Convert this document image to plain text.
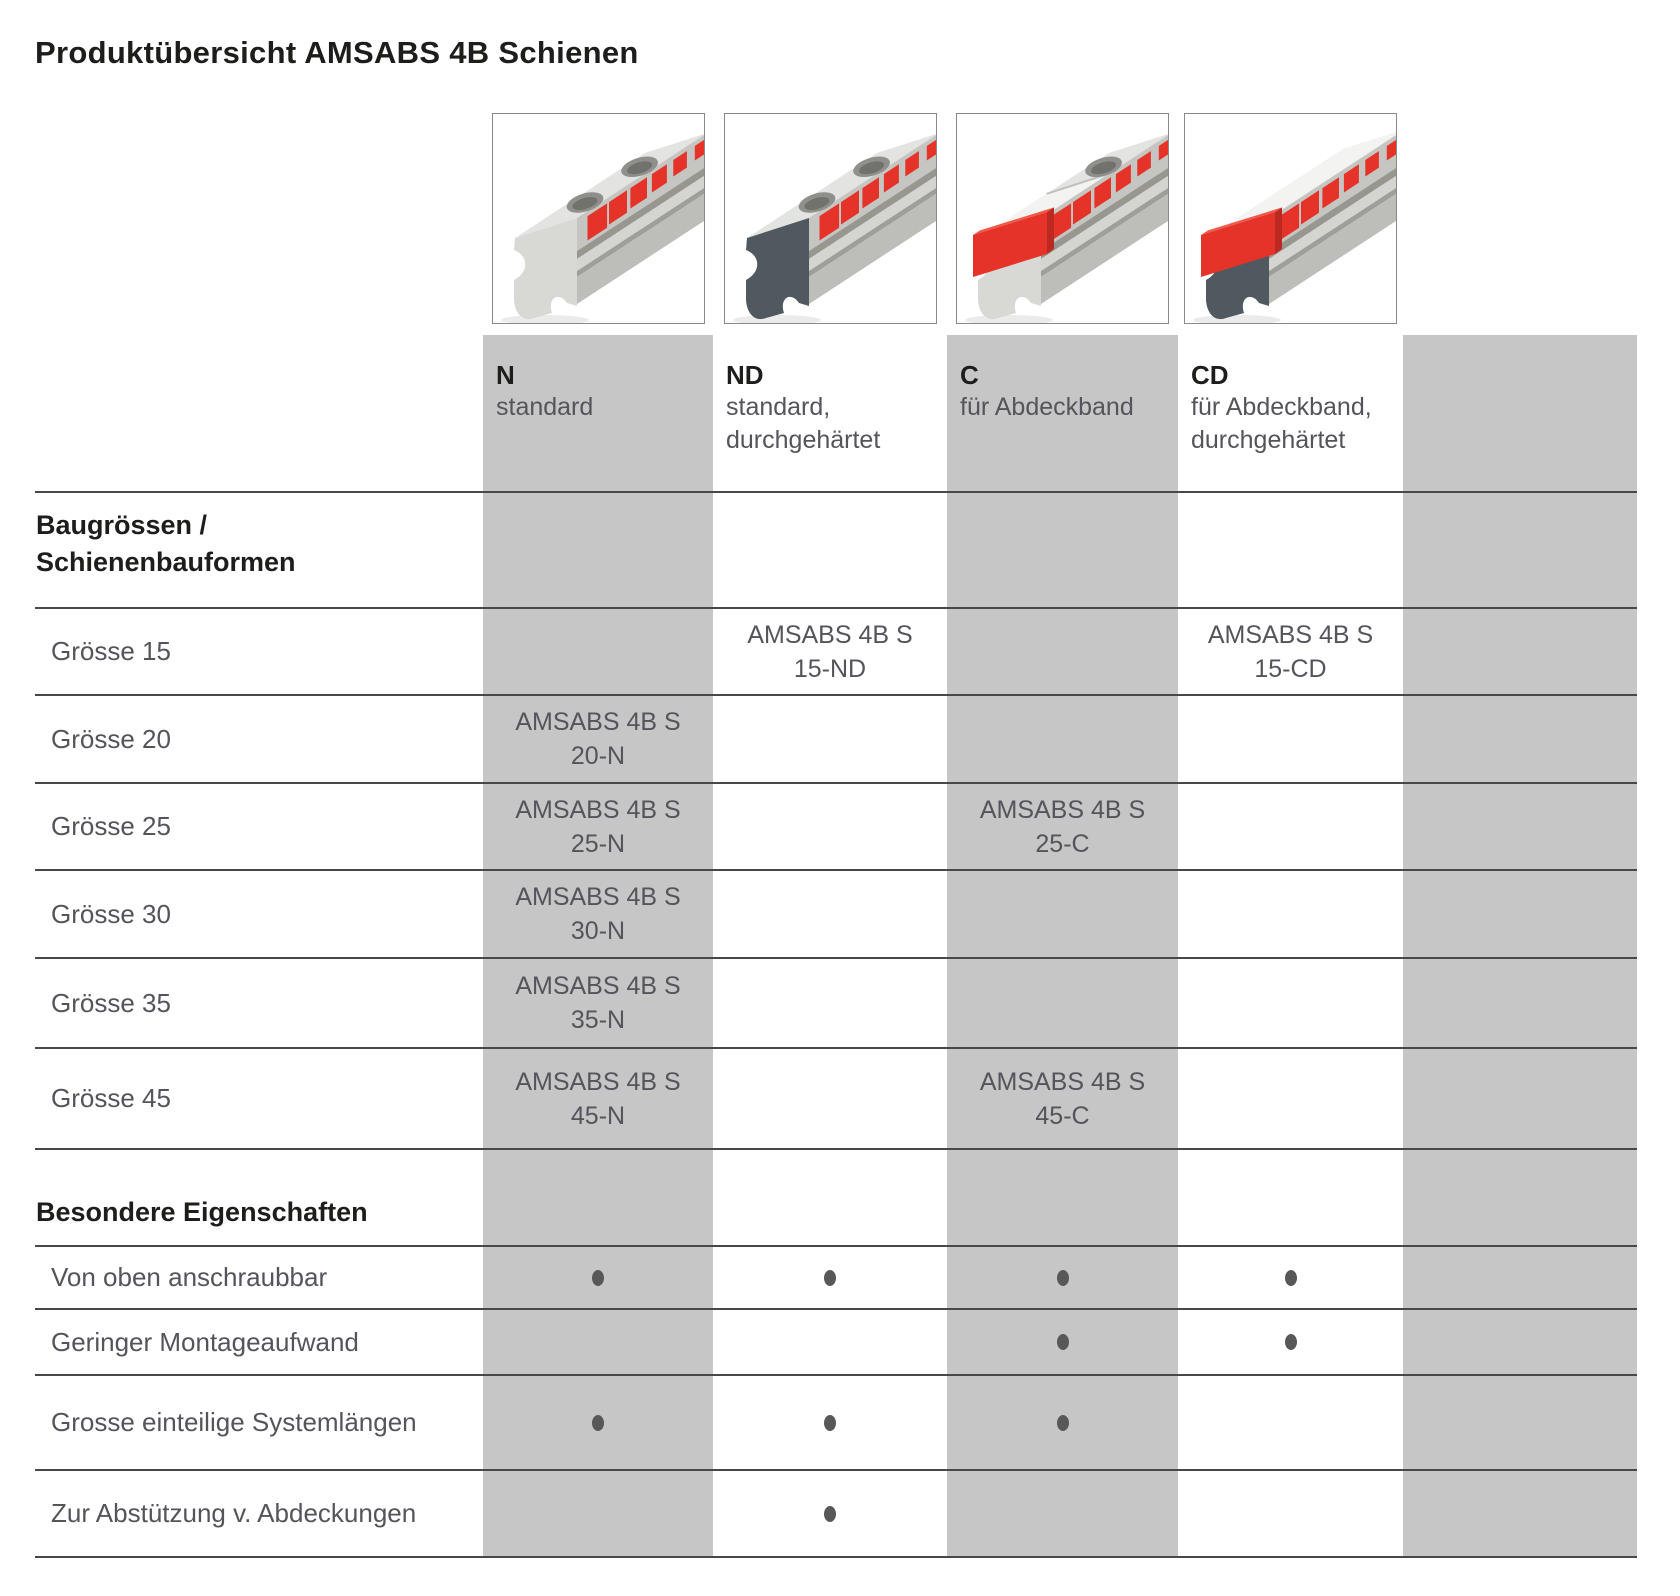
Produktübersicht AMSABS 4B Schienen
N
standard
ND
standard,
durchgehärtet
C
für Abdeckband
CD
für Abdeckband,
durchgehärtet
Baugrössen /
Schienenbauformen
Grösse 15
AMSABS 4B S
15-ND
AMSABS 4B S
15-CD
Grösse 20
AMSABS 4B S
20-N
Grösse 25
AMSABS 4B S
25-N
AMSABS 4B S
25-C
Grösse 30
AMSABS 4B S
30-N
Grösse 35
AMSABS 4B S
35-N
Grösse 45
AMSABS 4B S
45-N
AMSABS 4B S
45-C
Besondere Eigenschaften
Von oben anschraubbar
Geringer Montageaufwand
Grosse einteilige Systemlängen
Zur Abstützung v. Abdeckungen
